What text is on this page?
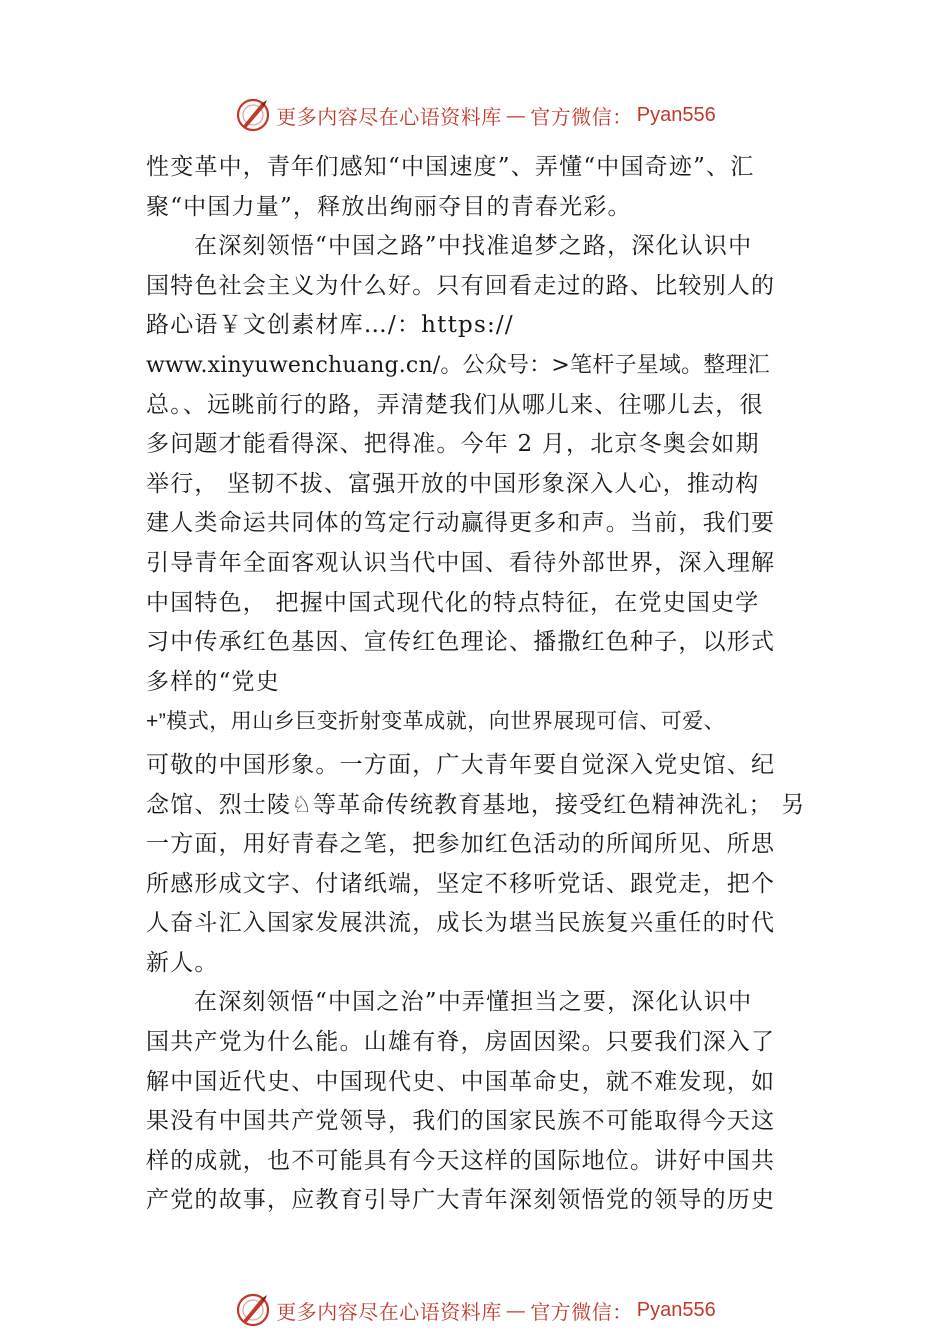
更多内容尽在心语资料库 — 官方微信： Pyan556
性变革中，青年们感知“中国速度”、弄懂“中国奇迹”、汇
聚“中国力量”，释放出绚丽夺目的青春光彩。
在深刻领悟“中国之路”中找准追梦之路，深化认识中
国特色社会主义为什么好。只有回看走过的路、比较别人的
路心语￥文创素材库…/：https://
www.xinyuwenchuang.cn/。公众号：>笔杆子星域。整理汇
总。、远眺前行的路，弄清楚我们从哪儿来、往哪儿去，很
多问题才能看得深、把得准。今年 2 月，北京冬奥会如期
举行， 坚韧不拔、富强开放的中国形象深入人心，推动构
建人类命运共同体的笃定行动赢得更多和声。当前，我们要
引导青年全面客观认识当代中国、看待外部世界，深入理解
中国特色， 把握中国式现代化的特点特征，在党史国史学
习中传承红色基因、宣传红色理论、播撒红色种子，以形式
多样的“党史
+”模式，用山乡巨变折射变革成就，向世界展现可信、可爱、
可敬的中国形象。一方面，广大青年要自觉深入党史馆、纪
念馆、烈士陵♘等革命传统教育基地，接受红色精神洗礼； 另
一方面，用好青春之笔，把参加红色活动的所闻所见、所思
所感形成文字、付诸纸端，坚定不移听党话、跟党走，把个
人奋斗汇入国家发展洪流，成长为堪当民族复兴重任的时代
新人。
在深刻领悟“中国之治”中弄懂担当之要，深化认识中
国共产党为什么能。山雄有脊，房固因梁。只要我们深入了
解中国近代史、中国现代史、中国革命史，就不难发现，如
果没有中国共产党领导，我们的国家民族不可能取得今天这
样的成就，也不可能具有今天这样的国际地位。讲好中国共
产党的故事，应教育引导广大青年深刻领悟党的领导的历史
更多内容尽在心语资料库 — 官方微信： Pyan556
